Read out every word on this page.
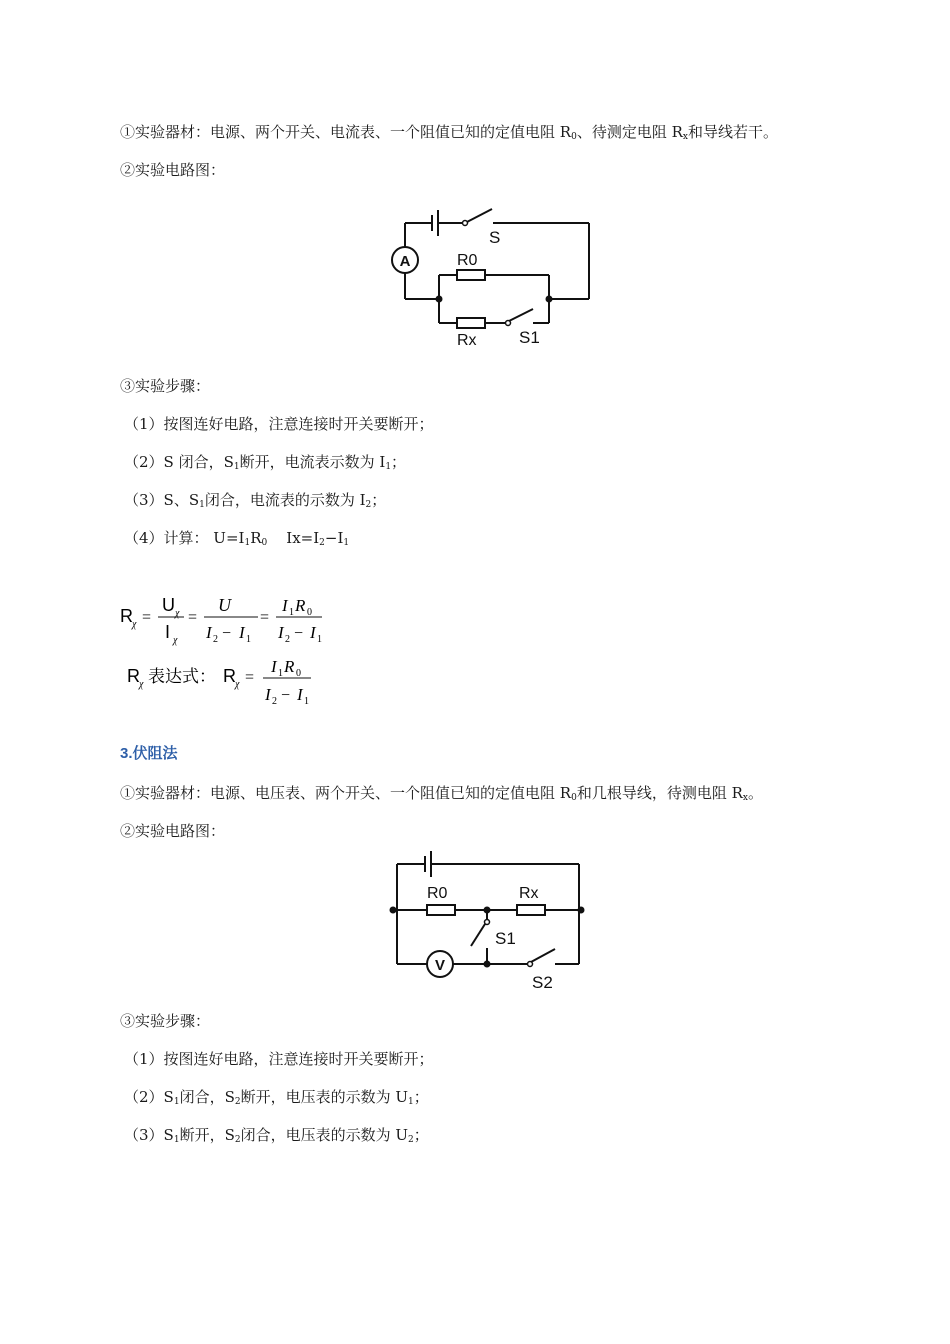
①实验器材：电源、两个开关、电流表、一个阻值已知的定值电阻 $R_0$、待测定电阻 $R_x$和导线若干。
②实验电路图：
A	R0
Rx
S
S1
③实验步骤：
（1）按图连好电路，注意连接时开关要断开；
（2）S 闭合，$S_1$断开，电流表示数为 $I_1$；
（3）S、$S_1$闭合，电流表的示数为 $I_2$；
（4）计算： $U=I_1R_0$    $Ix=I_2-I_1$
R χ =
U χ
I χ
=
U
I 2 − I 1
=
I 1 R 0
I 2 − I 1
R χ 表达式： R χ =
I 1 R 0
I 2 − I 1
3.伏阻法
①实验器材：电源、电压表、两个开关、一个阻值已知的定值电阻 $R_0$和几根导线，待测电阻 $R_x$。
②实验电路图：
V
R0	Rx
S1
S2
③实验步骤：
（1）按图连好电路，注意连接时开关要断开；
$(2)S_1$闭合，$S_2$断开，电压表的示数为 $U_1$；
$(3)S_1$断开，$S_2$闭合，电压表的示数为 $U_2$；
